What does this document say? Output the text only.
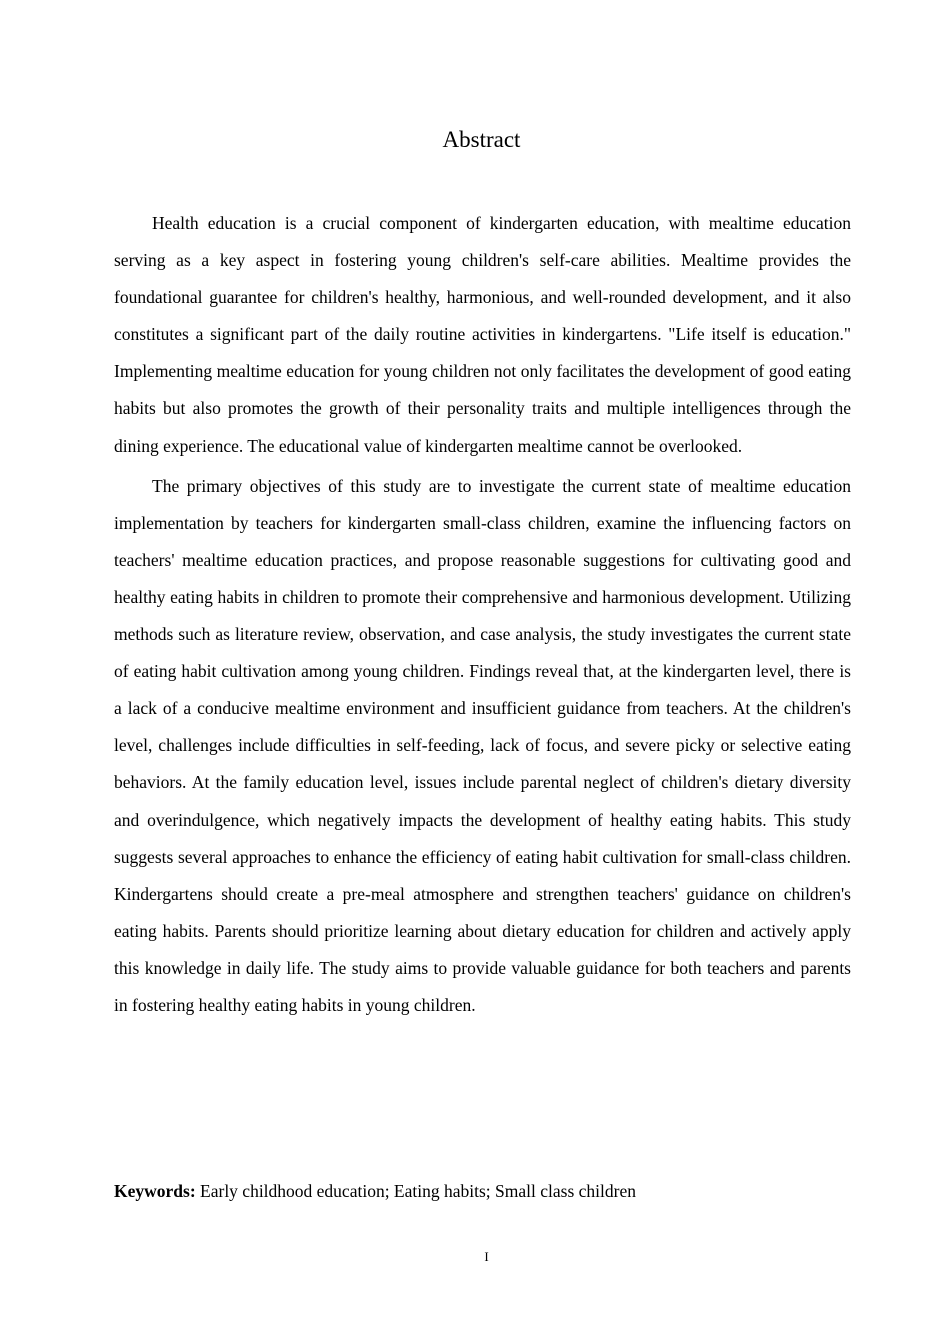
Abstract

Health education is a crucial component of kindergarten education, with mealtime education serving as a key aspect in fostering young children's self-care abilities. Mealtime provides the foundational guarantee for children's healthy, harmonious, and well-rounded development, and it also constitutes a significant part of the daily routine activities in kindergartens. "Life itself is education." Implementing mealtime education for young children not only facilitates the development of good eating habits but also promotes the growth of their personality traits and multiple intelligences through the dining experience. The educational value of kindergarten mealtime cannot be overlooked.

The primary objectives of this study are to investigate the current state of mealtime education implementation by teachers for kindergarten small-class children, examine the influencing factors on teachers' mealtime education practices, and propose reasonable suggestions for cultivating good and healthy eating habits in children to promote their comprehensive and harmonious development. Utilizing methods such as literature review, observation, and case analysis, the study investigates the current state of eating habit cultivation among young children. Findings reveal that, at the kindergarten level, there is a lack of a conducive mealtime environment and insufficient guidance from teachers. At the children's level, challenges include difficulties in self-feeding, lack of focus, and severe picky or selective eating behaviors. At the family education level, issues include parental neglect of children's dietary diversity and overindulgence, which negatively impacts the development of healthy eating habits. This study suggests several approaches to enhance the efficiency of eating habit cultivation for small-class children. Kindergartens should create a pre-meal atmosphere and strengthen teachers' guidance on children's eating habits. Parents should prioritize learning about dietary education for children and actively apply this knowledge in daily life. The study aims to provide valuable guidance for both teachers and parents in fostering healthy eating habits in young children.

Keywords: Early childhood education; Eating habits; Small class children

I
